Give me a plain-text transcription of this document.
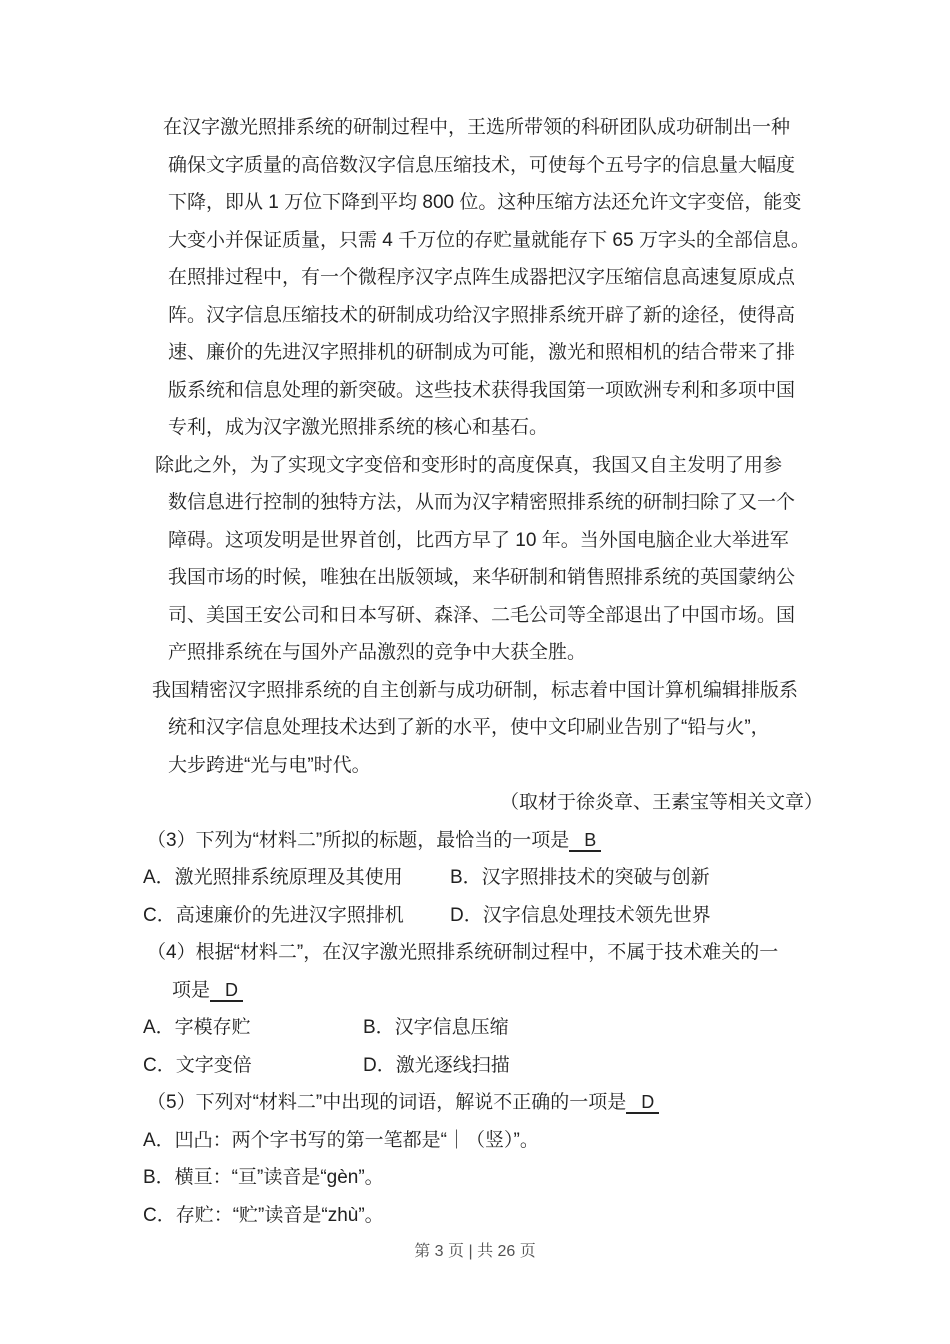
在汉字激光照排系统的研制过程中，王选所带领的科研团队成功研制出一种
确保文字质量的高倍数汉字信息压缩技术，可使每个五号字的信息量大幅度
下降，即从 1 万位下降到平均 800 位。这种压缩方法还允许文字变倍，能变
大变小并保证质量，只需 4 千万位的存贮量就能存下 65 万字头的全部信息。
在照排过程中，有一个微程序汉字点阵生成器把汉字压缩信息高速复原成点
阵。汉字信息压缩技术的研制成功给汉字照排系统开辟了新的途径，使得高
速、廉价的先进汉字照排机的研制成为可能，激光和照相机的结合带来了排
版系统和信息处理的新突破。这些技术获得我国第一项欧洲专利和多项中国
专利，成为汉字激光照排系统的核心和基石。
除此之外，为了实现文字变倍和变形时的高度保真，我国又自主发明了用参
数信息进行控制的独特方法，从而为汉字精密照排系统的研制扫除了又一个
障碍。这项发明是世界首创，比西方早了 10 年。当外国电脑企业大举进军
我国市场的时候，唯独在出版领域，来华研制和销售照排系统的英国蒙纳公
司、美国王安公司和日本写研、森泽、二毛公司等全部退出了中国市场。国
产照排系统在与国外产品激烈的竞争中大获全胜。
我国精密汉字照排系统的自主创新与成功研制，标志着中国计算机编辑排版系
统和汉字信息处理技术达到了新的水平，使中文印刷业告别了“铅与火”，
大步跨进“光与电”时代。
（取材于徐炎章、王素宝等相关文章）
（3）下列为“材料二”所拟的标题，最恰当的一项是 B
A．激光照排系统原理及其使用	B．汉字照排技术的突破与创新
C．高速廉价的先进汉字照排机	D．汉字信息处理技术领先世界
（4）根据“材料二”，在汉字激光照排系统研制过程中，不属于技术难关的一
项是 D
A．字模存贮	B．汉字信息压缩
C．文字变倍	D．激光逐线扫描
（5）下列对“材料二”中出现的词语，解说不正确的一项是 D
A．凹凸：两个字书写的第一笔都是“｜（竖）”。
B．横亘：“亘”读音是“gèn”。
C．存贮：“贮”读音是“zhù”。
第 3 页 | 共 26 页
